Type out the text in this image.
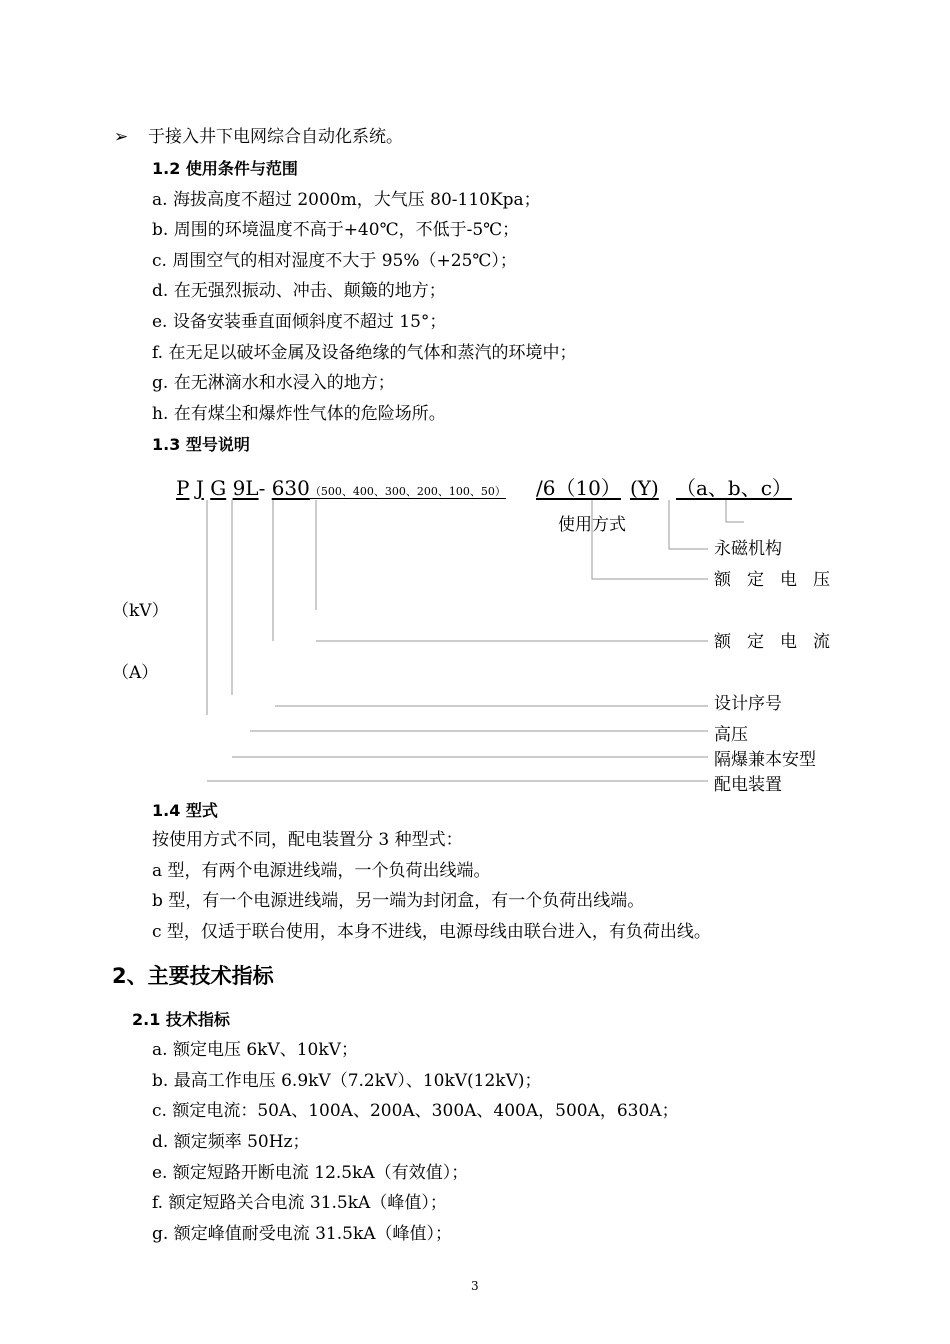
➢ 于接入井下电网综合自动化系统。
1.2 使用条件与范围
a. 海拔高度不超过 2000m，大气压 80-110Kpa；
b. 周围的环境温度不高于+40℃，不低于-5℃；
c. 周围空气的相对湿度不大于 95%（+25℃）；
d. 在无强烈振动、冲击、颠簸的地方；
e. 设备安装垂直面倾斜度不超过 15°；
f. 在无足以破坏金属及设备绝缘的气体和蒸汽的环境中；
g. 在无淋滴水和水浸入的地方；
h. 在有煤尘和爆炸性气体的危险场所。
1.3 型号说明
P J G 9L- 630（500、400、300、200、100、50） /6（10） (Y) （a、b、c）
使用方式
永磁机构
额定电压
（kV）
额定电流
（A）
设计序号
高压
隔爆兼本安型
配电装置
1.4 型式
按使用方式不同，配电装置分 3 种型式：
a 型，有两个电源进线端，一个负荷出线端。
b 型，有一个电源进线端，另一端为封闭盒，有一个负荷出线端。
c 型，仅适于联台使用，本身不进线，电源母线由联台进入，有负荷出线。
2、主要技术指标
2.1 技术指标
a. 额定电压 6kV、10kV；
b. 最高工作电压 6.9kV（7.2kV）、10kV(12kV)；
c. 额定电流：50A、100A、200A、300A、400A，500A，630A；
d. 额定频率 50Hz；
e. 额定短路开断电流 12.5kA（有效值）；
f. 额定短路关合电流 31.5kA（峰值）；
g. 额定峰值耐受电流 31.5kA（峰值）；
3
